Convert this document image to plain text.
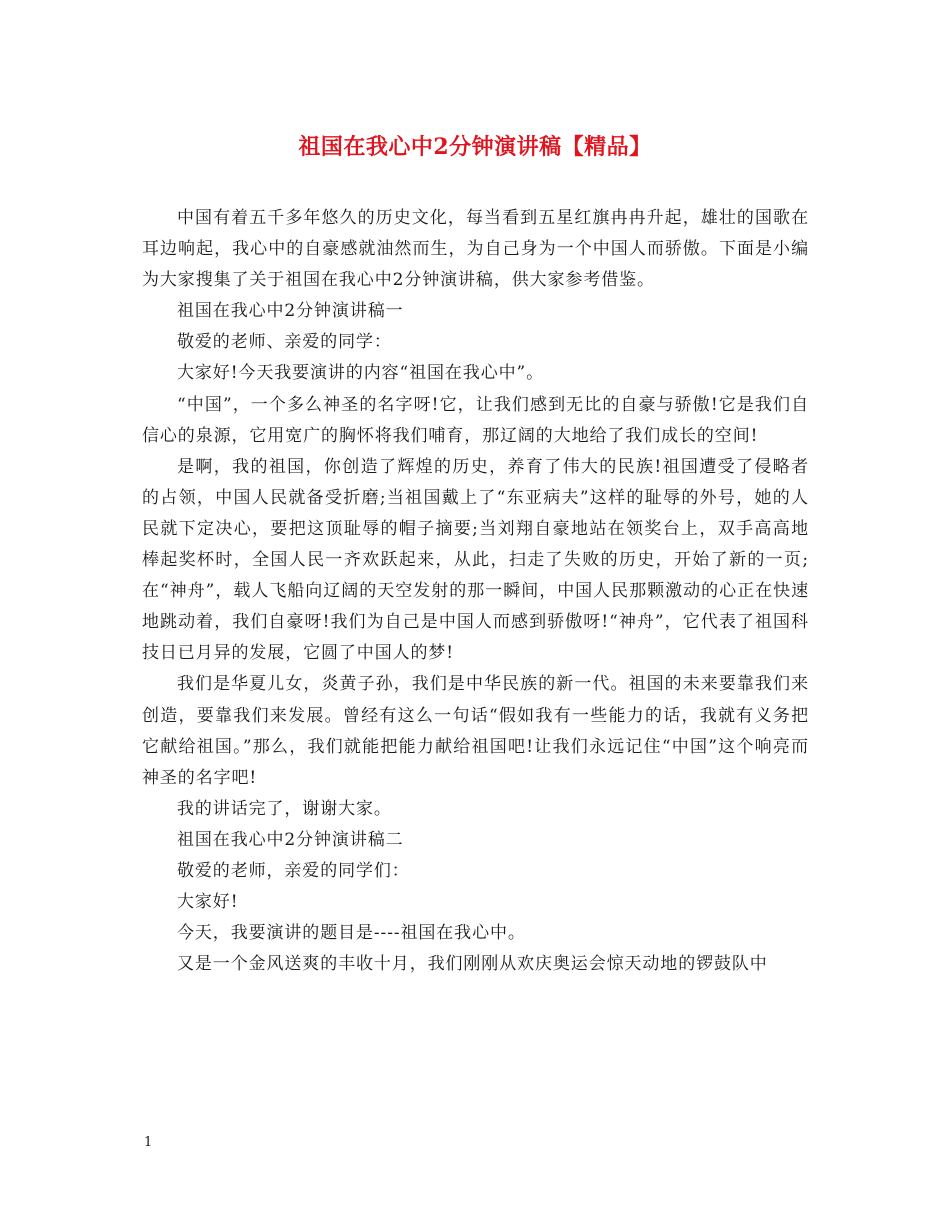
祖国在我心中2分钟演讲稿【精品】

中国有着五千多年悠久的历史文化，每当看到五星红旗冉冉升起，雄壮的国歌在耳边响起，我心中的自豪感就油然而生，为自己身为一个中国人而骄傲。下面是小编为大家搜集了关于祖国在我心中2分钟演讲稿，供大家参考借鉴。

祖国在我心中2分钟演讲稿一

敬爱的老师、亲爱的同学：

大家好!今天我要演讲的内容“祖国在我心中”。

“中国”，一个多么神圣的名字呀!它，让我们感到无比的自豪与骄傲!它是我们自信心的泉源，它用宽广的胸怀将我们哺育，那辽阔的大地给了我们成长的空间!

是啊，我的祖国，你创造了辉煌的历史，养育了伟大的民族!祖国遭受了侵略者的占领，中国人民就备受折磨;当祖国戴上了“东亚病夫”这样的耻辱的外号，她的人民就下定决心，要把这顶耻辱的帽子摘要;当刘翔自豪地站在领奖台上，双手高高地棒起奖杯时，全国人民一齐欢跃起来，从此，扫走了失败的历史，开始了新的一页;在“神舟”，载人飞船向辽阔的天空发射的那一瞬间，中国人民那颗激动的心正在快速地跳动着，我们自豪呀!我们为自己是中国人而感到骄傲呀!“神舟”，它代表了祖国科技日已月异的发展，它圆了中国人的梦!

我们是华夏儿女，炎黄子孙，我们是中华民族的新一代。祖国的未来要靠我们来创造，要靠我们来发展。曾经有这么一句话“假如我有一些能力的话，我就有义务把它献给祖国。”那么，我们就能把能力献给祖国吧!让我们永远记住“中国”这个响亮而神圣的名字吧!

我的讲话完了，谢谢大家。

祖国在我心中2分钟演讲稿二

敬爱的老师，亲爱的同学们：

大家好!

今天，我要演讲的题目是----祖国在我心中。

又是一个金风送爽的丰收十月，我们刚刚从欢庆奥运会惊天动地的锣鼓队中

1
